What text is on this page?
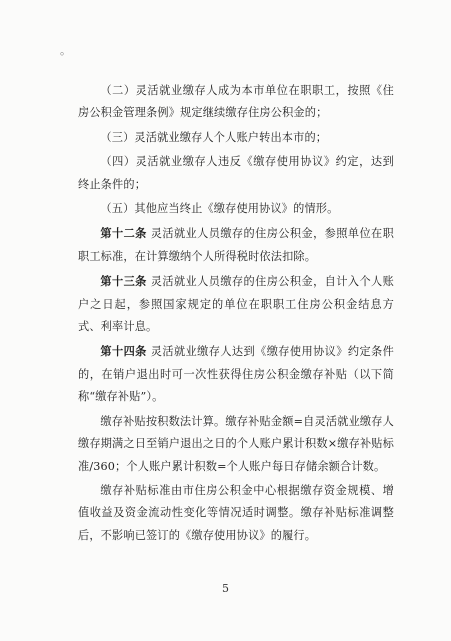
。

（二）灵活就业缴存人成为本市单位在职职工，按照《住房公积金管理条例》规定继续缴存住房公积金的；

（三）灵活就业缴存人个人账户转出本市的；

（四）灵活就业缴存人违反《缴存使用协议》约定，达到终止条件的；

（五）其他应当终止《缴存使用协议》的情形。

第十二条 灵活就业人员缴存的住房公积金，参照单位在职职工标准，在计算缴纳个人所得税时依法扣除。

第十三条 灵活就业人员缴存的住房公积金，自计入个人账户之日起，参照国家规定的单位在职职工住房公积金结息方式、利率计息。

第十四条 灵活就业缴存人达到《缴存使用协议》约定条件的，在销户退出时可一次性获得住房公积金缴存补贴（以下简称“缴存补贴”）。

缴存补贴按积数法计算。缴存补贴金额=自灵活就业缴存人缴存期满之日至销户退出之日的个人账户累计积数×缴存补贴标准/360；个人账户累计积数=个人账户每日存储余额合计数。

缴存补贴标准由市住房公积金中心根据缴存资金规模、增值收益及资金流动性变化等情况适时调整。缴存补贴标准调整后，不影响已签订的《缴存使用协议》的履行。

5
